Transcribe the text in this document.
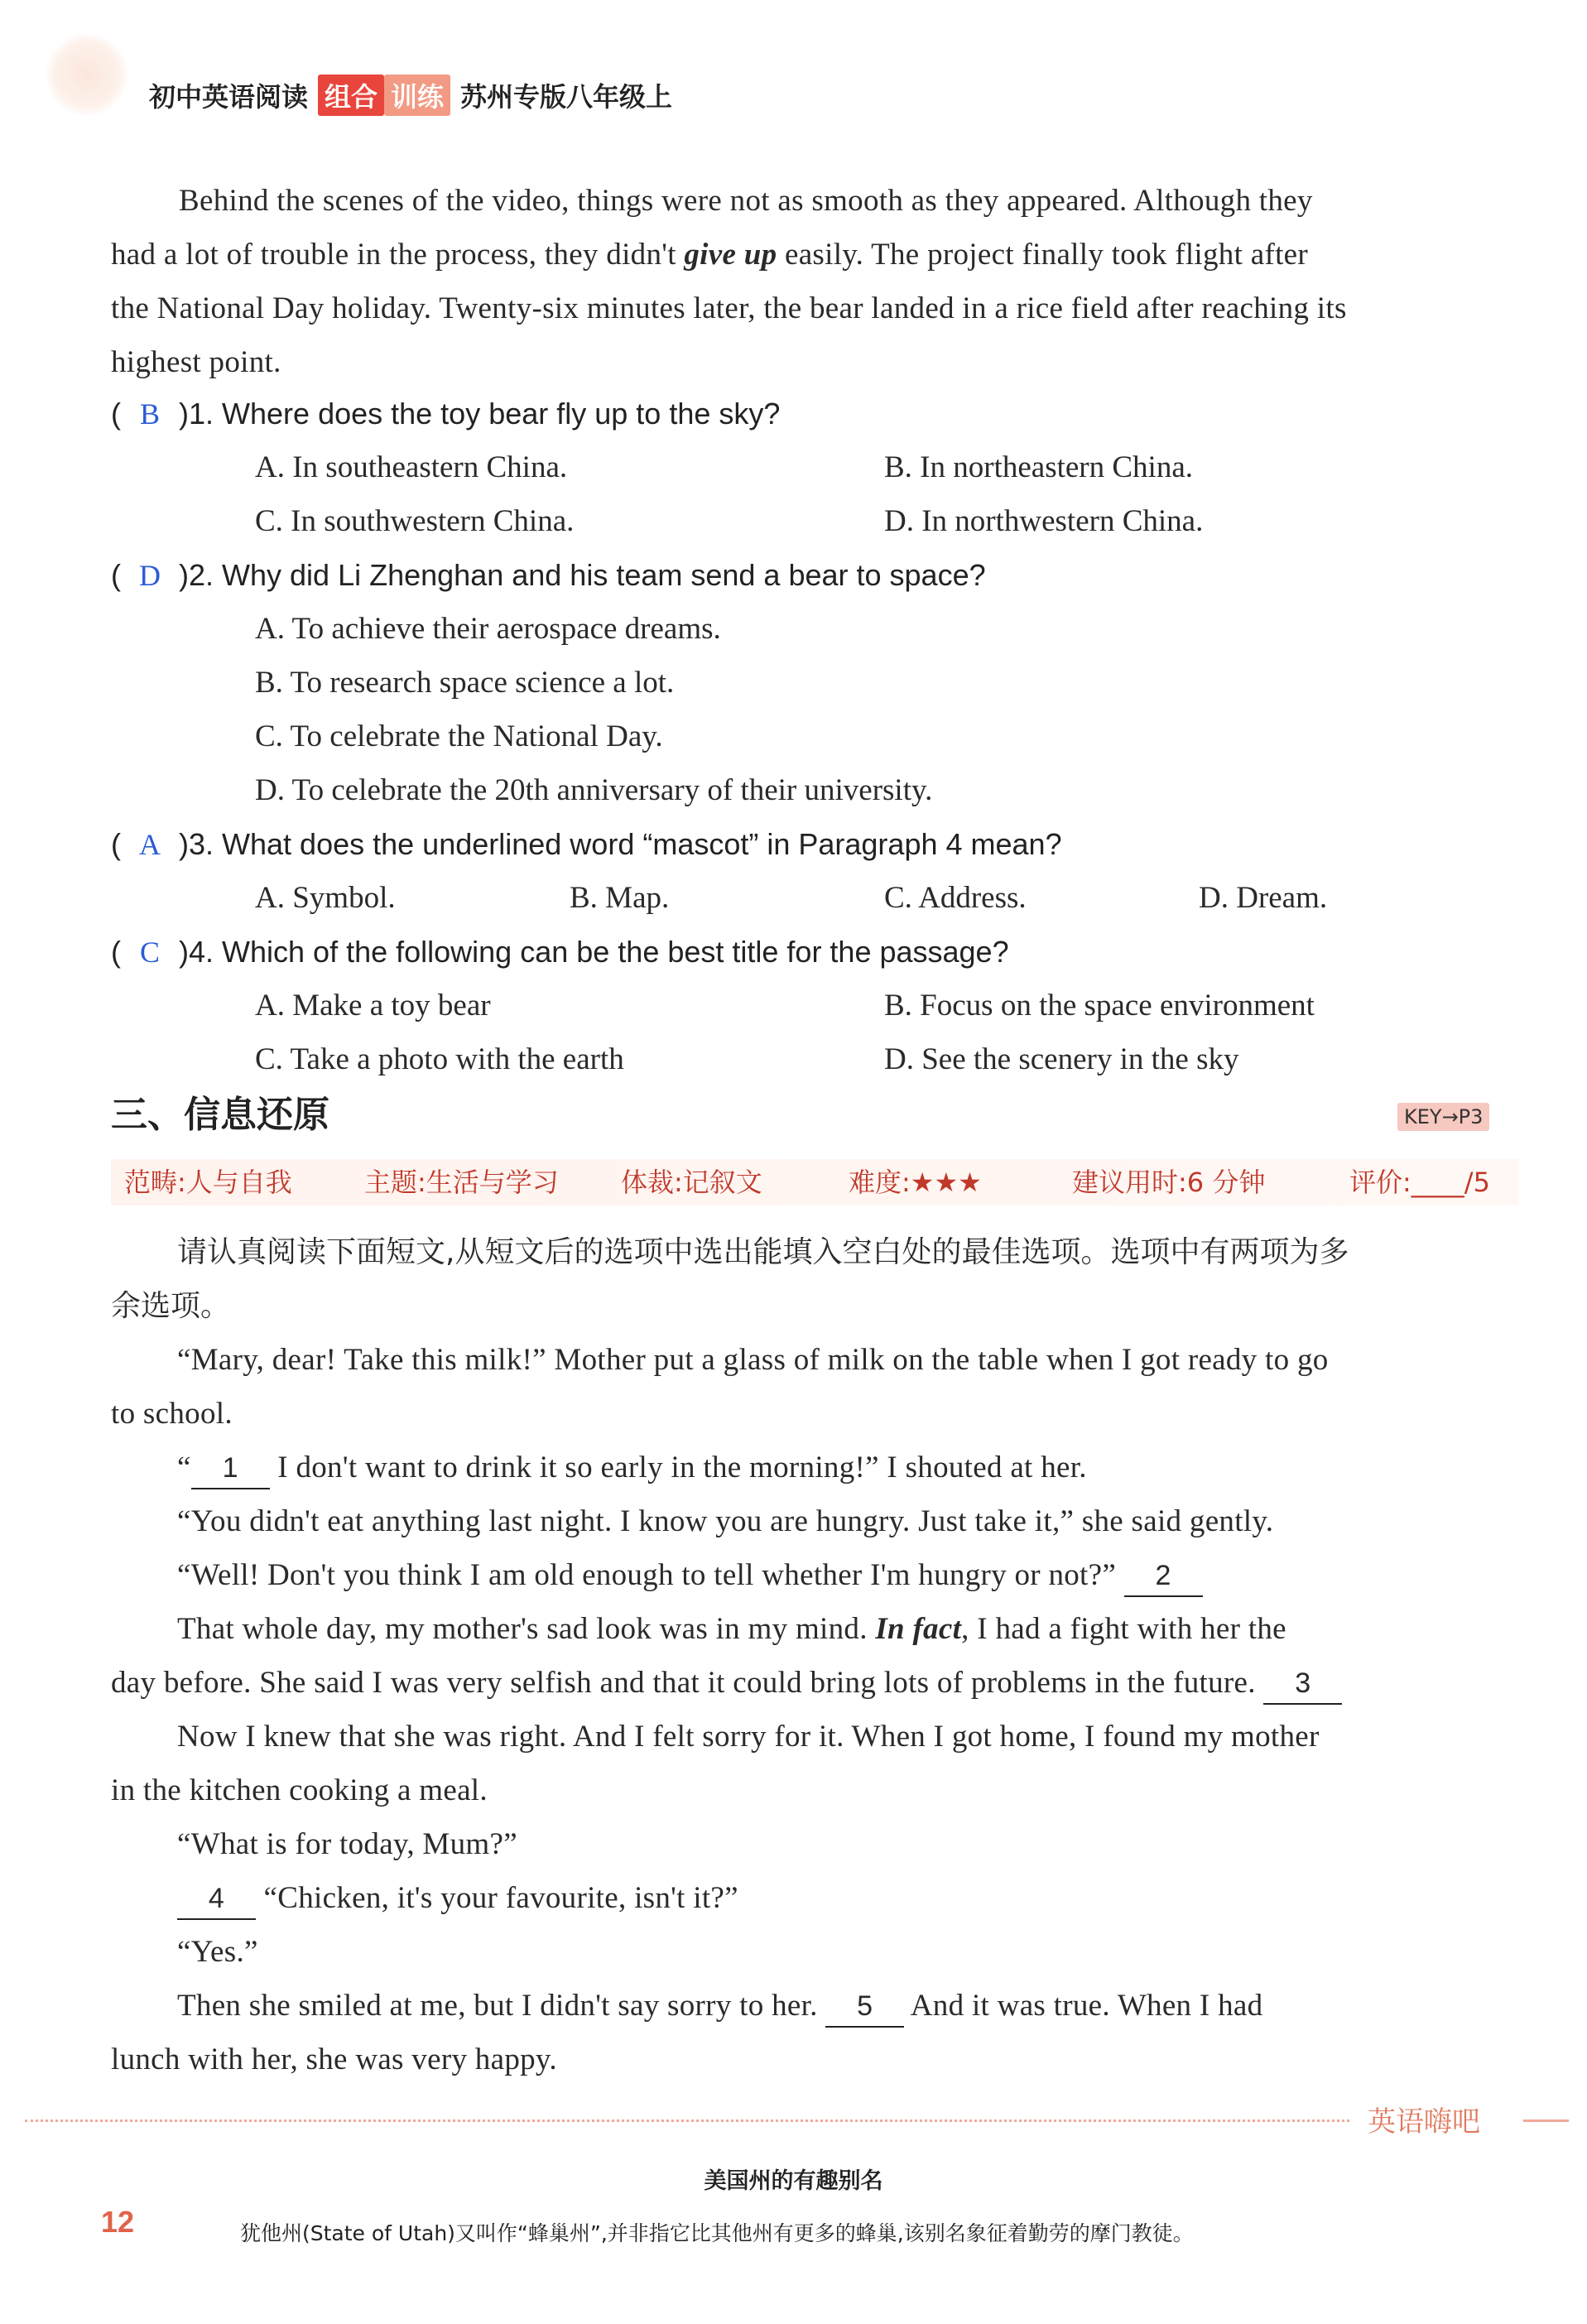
初中英语阅读 组合 训练 苏州专版八年级上
Behind the scenes of the video, things were not as smooth as they appeared. Although they
had a lot of trouble in the process, they didn't give up easily. The project finally took flight after
the National Day holiday. Twenty-six minutes later, the bear landed in a rice field after reaching its
highest point.
( B )1. Where does the toy bear fly up to the sky?
A. In southeastern China.	B. In northeastern China.
C. In southwestern China.	D. In northwestern China.
( D )2. Why did Li Zhenghan and his team send a bear to space?
A. To achieve their aerospace dreams.
B. To research space science a lot.
C. To celebrate the National Day.
D. To celebrate the 20th anniversary of their university.
( A )3. What does the underlined word “mascot” in Paragraph 4 mean?
A. Symbol.	B. Map.	C. Address.	D. Dream.
( C )4. Which of the following can be the best title for the passage?
A. Make a toy bear	B. Focus on the space environment
C. Take a photo with the earth	D. See the scenery in the sky
三、信息还原	KEY→P3
范畴:人与自我	主题:生活与学习 体裁:记叙文	难度:★★★	建议用时:6 分钟	评价:____/5
请认真阅读下面短文,从短文后的选项中选出能填入空白处的最佳选项。选项中有两项为多
余选项。
“Mary, dear! Take this milk!” Mother put a glass of milk on the table when I got ready to go
to school.
“ 1 I don't want to drink it so early in the morning!” I shouted at her.
“You didn't eat anything last night. I know you are hungry. Just take it,” she said gently.
“Well! Don't you think I am old enough to tell whether I'm hungry or not?” 2
That whole day, my mother's sad look was in my mind. In fact, I had a fight with her the
day before. She said I was very selfish and that it could bring lots of problems in the future. 3
Now I knew that she was right. And I felt sorry for it. When I got home, I found my mother
in the kitchen cooking a meal.
“What is for today, Mum?”
4 “Chicken, it's your favourite, isn't it?”
“Yes.”
Then she smiled at me, but I didn't say sorry to her. 5 And it was true. When I had
lunch with her, she was very happy.
英语嗨吧
美国州的有趣别名
12	犹他州(State of Utah)又叫作“蜂巢州”,并非指它比其他州有更多的蜂巢,该别名象征着勤劳的摩门教徒。
